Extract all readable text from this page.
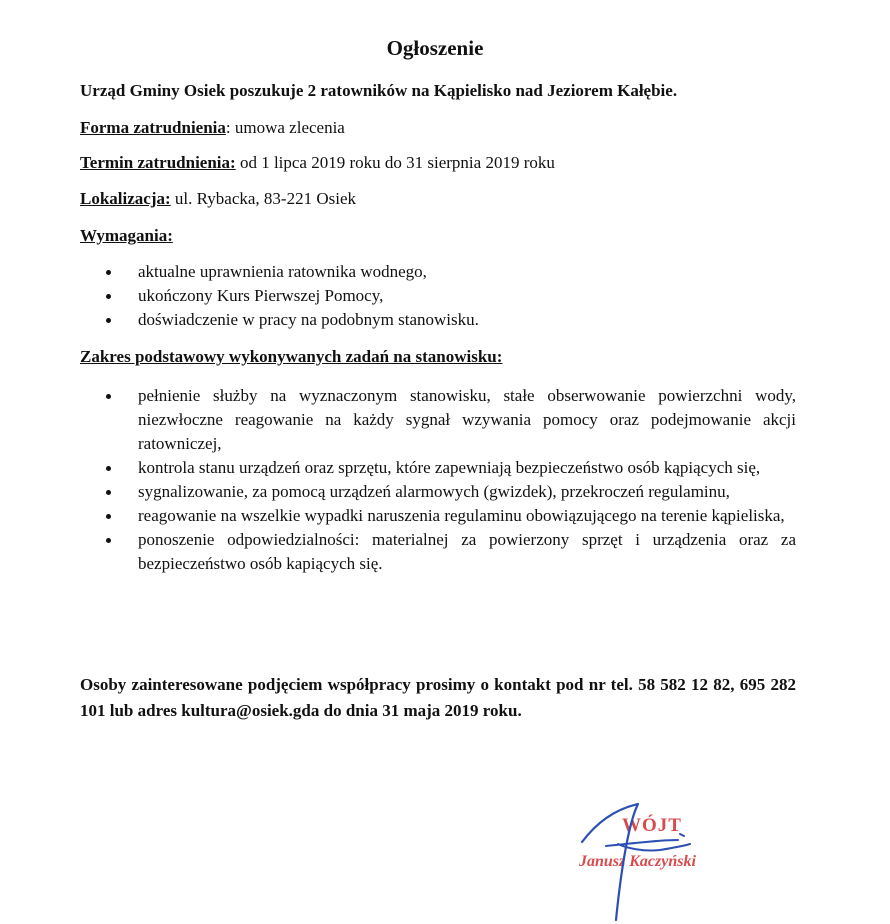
Ogłoszenie
Urząd Gminy Osiek poszukuje 2 ratowników na Kąpielisko nad Jeziorem Kałębie.
Forma zatrudnienia: umowa zlecenia
Termin zatrudnienia: od 1 lipca 2019 roku do 31 sierpnia 2019 roku
Lokalizacja: ul. Rybacka, 83-221 Osiek
Wymagania:
aktualne uprawnienia ratownika wodnego,
ukończony Kurs Pierwszej Pomocy,
doświadczenie w pracy na podobnym stanowisku.
Zakres podstawowy wykonywanych zadań na stanowisku:
pełnienie służby na wyznaczonym stanowisku, stałe obserwowanie powierzchni wody, niezwłoczne reagowanie na każdy sygnał wzywania pomocy oraz podejmowanie akcji ratowniczej,
kontrola stanu urządzeń oraz sprzętu, które zapewniają bezpieczeństwo osób kąpiących się,
sygnalizowanie, za pomocą urządzeń alarmowych (gwizdek), przekroczeń regulaminu,
reagowanie na wszelkie wypadki naruszenia regulaminu obowiązującego na terenie kąpieliska,
ponoszenie odpowiedzialności: materialnej za powierzony sprzęt i urządzenia oraz za bezpieczeństwo osób kapiących się.
Osoby zainteresowane podjęciem współpracy prosimy o kontakt pod nr tel. 58 582 12 82, 695 282 101 lub adres kultura@osiek.gda do dnia 31 maja 2019 roku.
WÓJT
Janusz Kaczyński
